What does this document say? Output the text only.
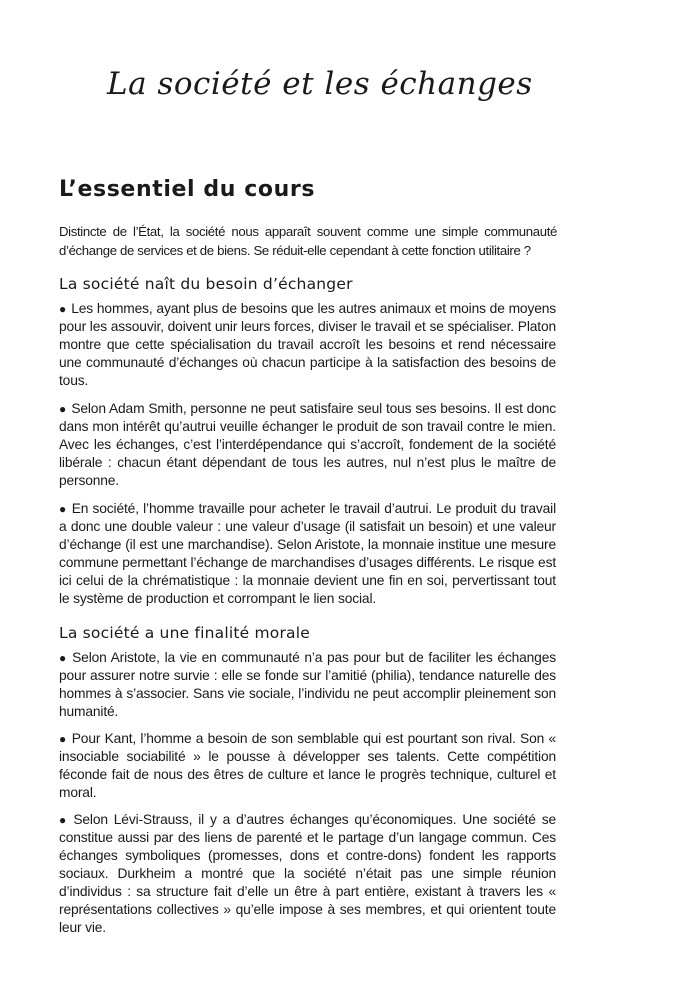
La société et les échanges
L’essentiel du cours

Distincte de l’État, la société nous apparaît souvent comme une simple communauté d’échange de services et de biens. Se réduit-elle cependant à cette fonction utilitaire ?

La société naît du besoin d’échanger

● Les hommes, ayant plus de besoins que les autres animaux et moins de moyens pour les assouvir, doivent unir leurs forces, diviser le travail et se spécialiser. Platon montre que cette spécialisation du travail accroît les besoins et rend nécessaire une communauté d’échanges où chacun participe à la satisfaction des besoins de tous.

● Selon Adam Smith, personne ne peut satisfaire seul tous ses besoins. Il est donc dans mon intérêt qu’autrui veuille échanger le produit de son travail contre le mien. Avec les échanges, c’est l’interdépendance qui s’accroît, fondement de la société libérale : chacun étant dépendant de tous les autres, nul n’est plus le maître de personne.

● En société, l’homme travaille pour acheter le travail d’autrui. Le produit du travail a donc une double valeur : une valeur d’usage (il satisfait un besoin) et une valeur d’échange (il est une marchandise). Selon Aristote, la monnaie institue une mesure commune permettant l’échange de marchandises d’usages différents. Le risque est ici celui de la chrématistique : la monnaie devient une fin en soi, pervertissant tout le système de production et corrompant le lien social.

La société a une finalité morale

● Selon Aristote, la vie en communauté n’a pas pour but de faciliter les échanges pour assurer notre survie : elle se fonde sur l’amitié (philia), tendance naturelle des hommes à s’associer. Sans vie sociale, l’individu ne peut accomplir pleinement son humanité.

● Pour Kant, l’homme a besoin de son semblable qui est pourtant son rival. Son « insociable sociabilité » le pousse à développer ses talents. Cette compétition féconde fait de nous des êtres de culture et lance le progrès technique, culturel et moral.

● Selon Lévi-Strauss, il y a d’autres échanges qu’économiques. Une société se constitue aussi par des liens de parenté et le partage d’un langage commun. Ces échanges symboliques (promesses, dons et contre-dons) fondent les rapports sociaux. Durkheim a montré que la société n’était pas une simple réunion d’individus : sa structure fait d’elle un être à part entière, existant à travers les « représentations collectives » qu’elle impose à ses membres, et qui orientent toute leur vie.
